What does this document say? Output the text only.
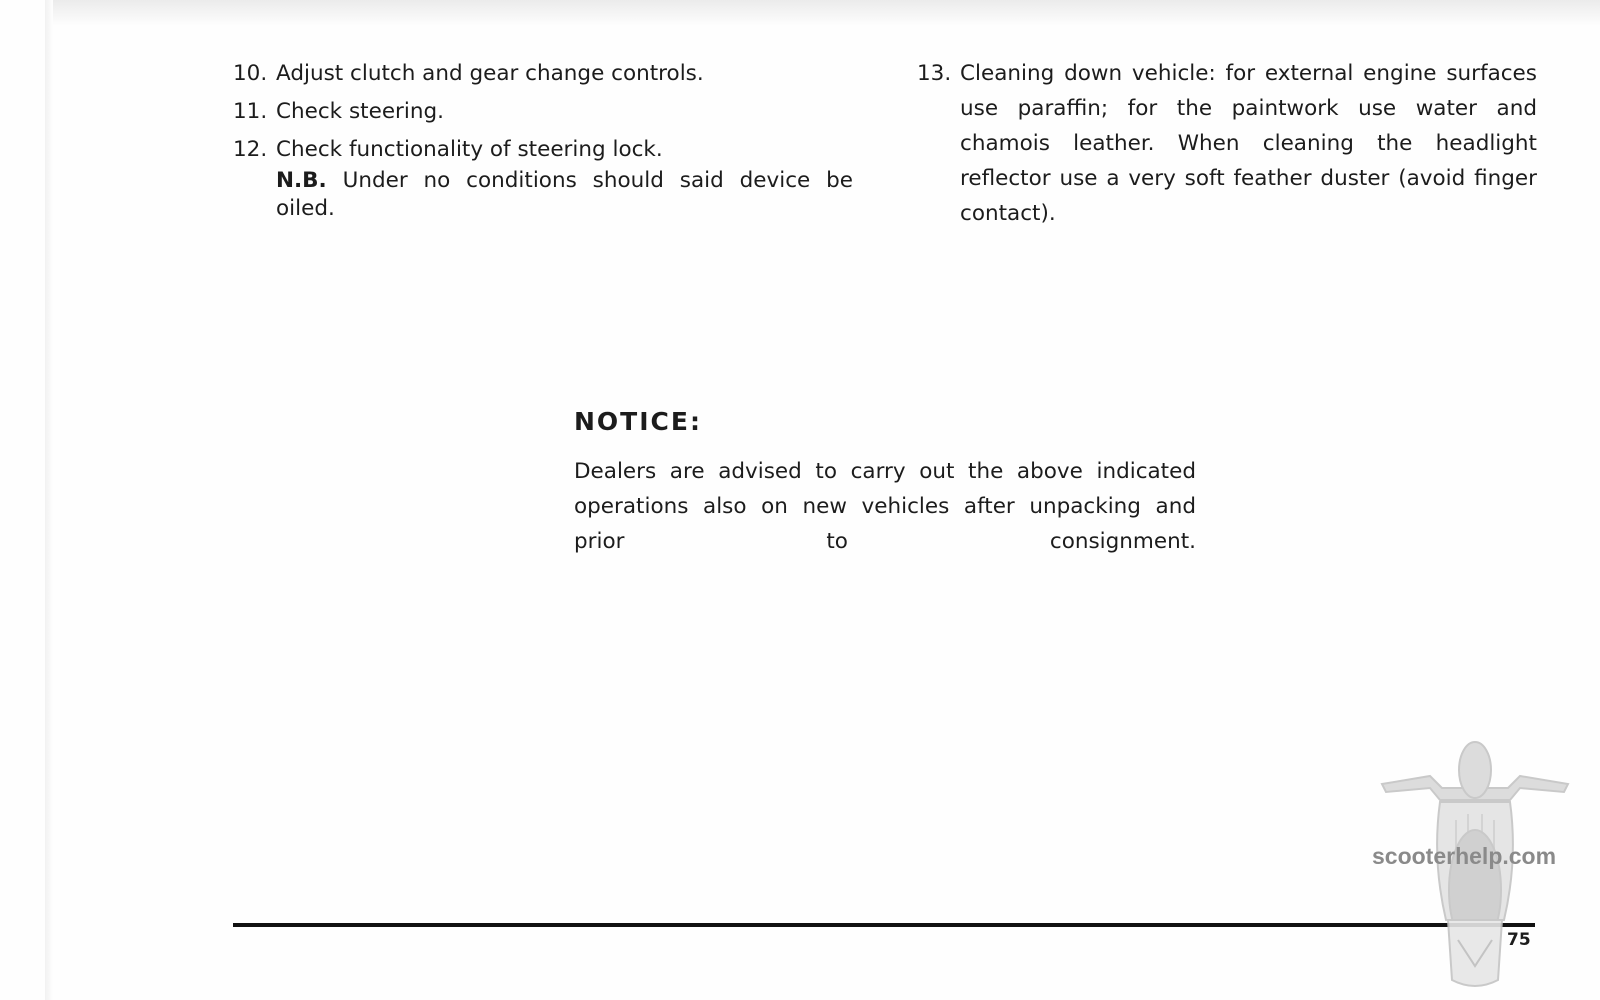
10. Adjust clutch and gear change controls.
11. Check steering.
12. Check functionality of steering lock.
N.B. Under no conditions should said device be oiled.
13. Cleaning down vehicle: for external engine surfaces use paraffin; for the paintwork use water and chamois leather. When cleaning the headlight reflector use a very soft feather duster (avoid finger contact).
NOTICE:
Dealers are advised to carry out the above indicated operations also on new vehicles after unpacking and prior to consignment.
scooterhelp.com
75
